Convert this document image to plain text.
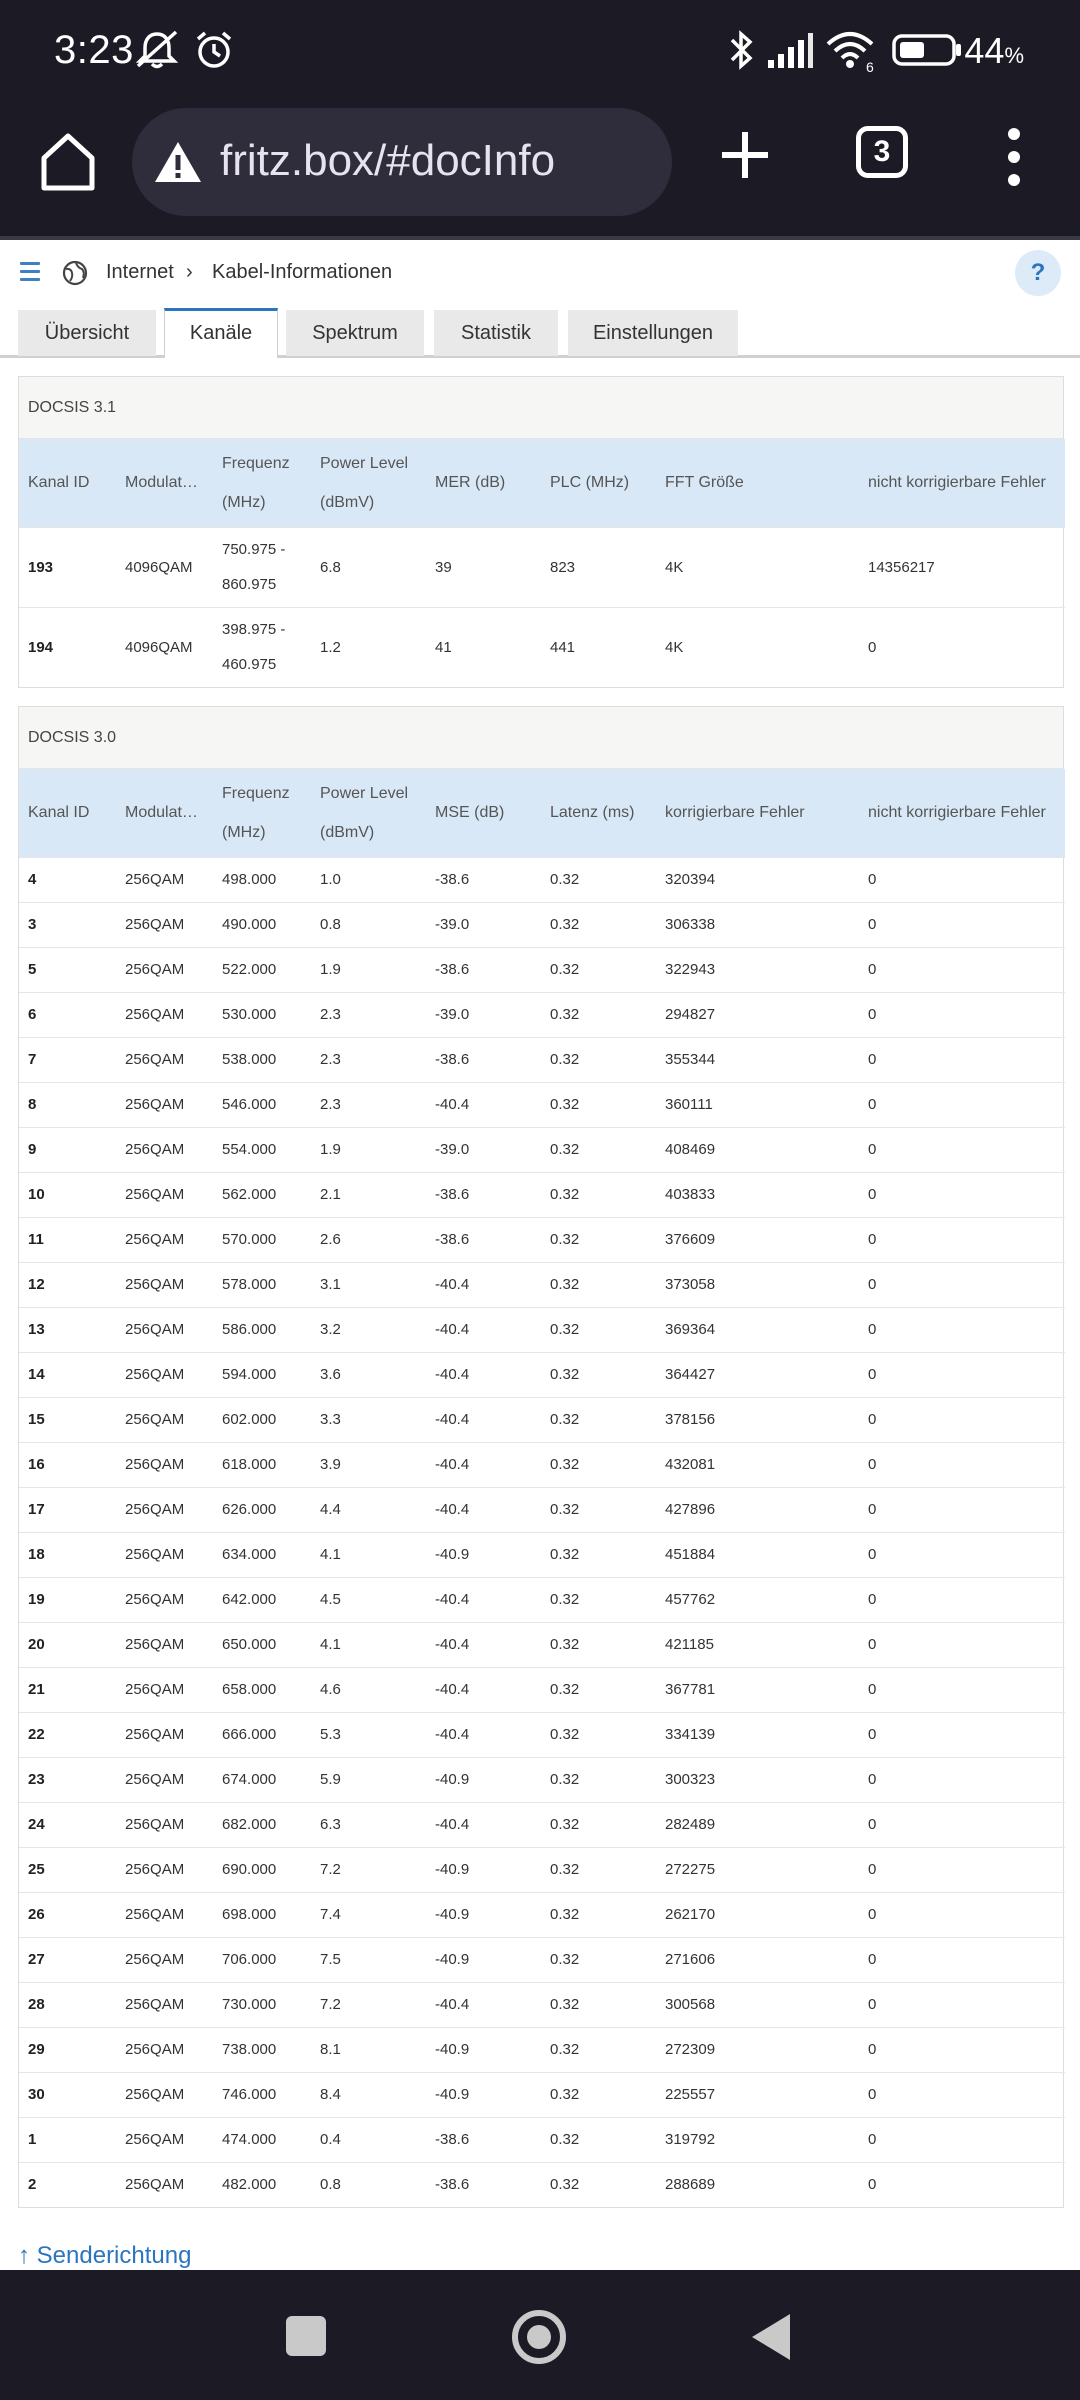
3:23	6	44%
fritz.box/#docInfo	3
Internet › Kabel-Informationen	?
Übersicht	Kanäle	Spektrum	Statistik	Einstellungen
DOCSIS 3.1
Kanal ID	Modulat…	Frequenz (MHz)	Power Level (dBmV)	MER (dB)	PLC (MHz)	FFT Größe	nicht korrigierbare Fehler
193	4096QAM	750.975 - 860.975	6.8	39	823	4K	14356217
194	4096QAM	398.975 - 460.975	1.2	41	441	4K	0
DOCSIS 3.0
Kanal ID	Modulat…	Frequenz (MHz)	Power Level (dBmV)	MSE (dB)	Latenz (ms)	korrigierbare Fehler	nicht korrigierbare Fehler
4	256QAM	498.000	1.0	-38.6	0.32	320394	0
3	256QAM	490.000	0.8	-39.0	0.32	306338	0
5	256QAM	522.000	1.9	-38.6	0.32	322943	0
6	256QAM	530.000	2.3	-39.0	0.32	294827	0
7	256QAM	538.000	2.3	-38.6	0.32	355344	0
8	256QAM	546.000	2.3	-40.4	0.32	360111	0
9	256QAM	554.000	1.9	-39.0	0.32	408469	0
10	256QAM	562.000	2.1	-38.6	0.32	403833	0
11	256QAM	570.000	2.6	-38.6	0.32	376609	0
12	256QAM	578.000	3.1	-40.4	0.32	373058	0
13	256QAM	586.000	3.2	-40.4	0.32	369364	0
14	256QAM	594.000	3.6	-40.4	0.32	364427	0
15	256QAM	602.000	3.3	-40.4	0.32	378156	0
16	256QAM	618.000	3.9	-40.4	0.32	432081	0
17	256QAM	626.000	4.4	-40.4	0.32	427896	0
18	256QAM	634.000	4.1	-40.9	0.32	451884	0
19	256QAM	642.000	4.5	-40.4	0.32	457762	0
20	256QAM	650.000	4.1	-40.4	0.32	421185	0
21	256QAM	658.000	4.6	-40.4	0.32	367781	0
22	256QAM	666.000	5.3	-40.4	0.32	334139	0
23	256QAM	674.000	5.9	-40.9	0.32	300323	0
24	256QAM	682.000	6.3	-40.4	0.32	282489	0
25	256QAM	690.000	7.2	-40.9	0.32	272275	0
26	256QAM	698.000	7.4	-40.9	0.32	262170	0
27	256QAM	706.000	7.5	-40.9	0.32	271606	0
28	256QAM	730.000	7.2	-40.4	0.32	300568	0
29	256QAM	738.000	8.1	-40.9	0.32	272309	0
30	256QAM	746.000	8.4	-40.9	0.32	225557	0
1	256QAM	474.000	0.4	-38.6	0.32	319792	0
2	256QAM	482.000	0.8	-38.6	0.32	288689	0
↑ Senderichtung
